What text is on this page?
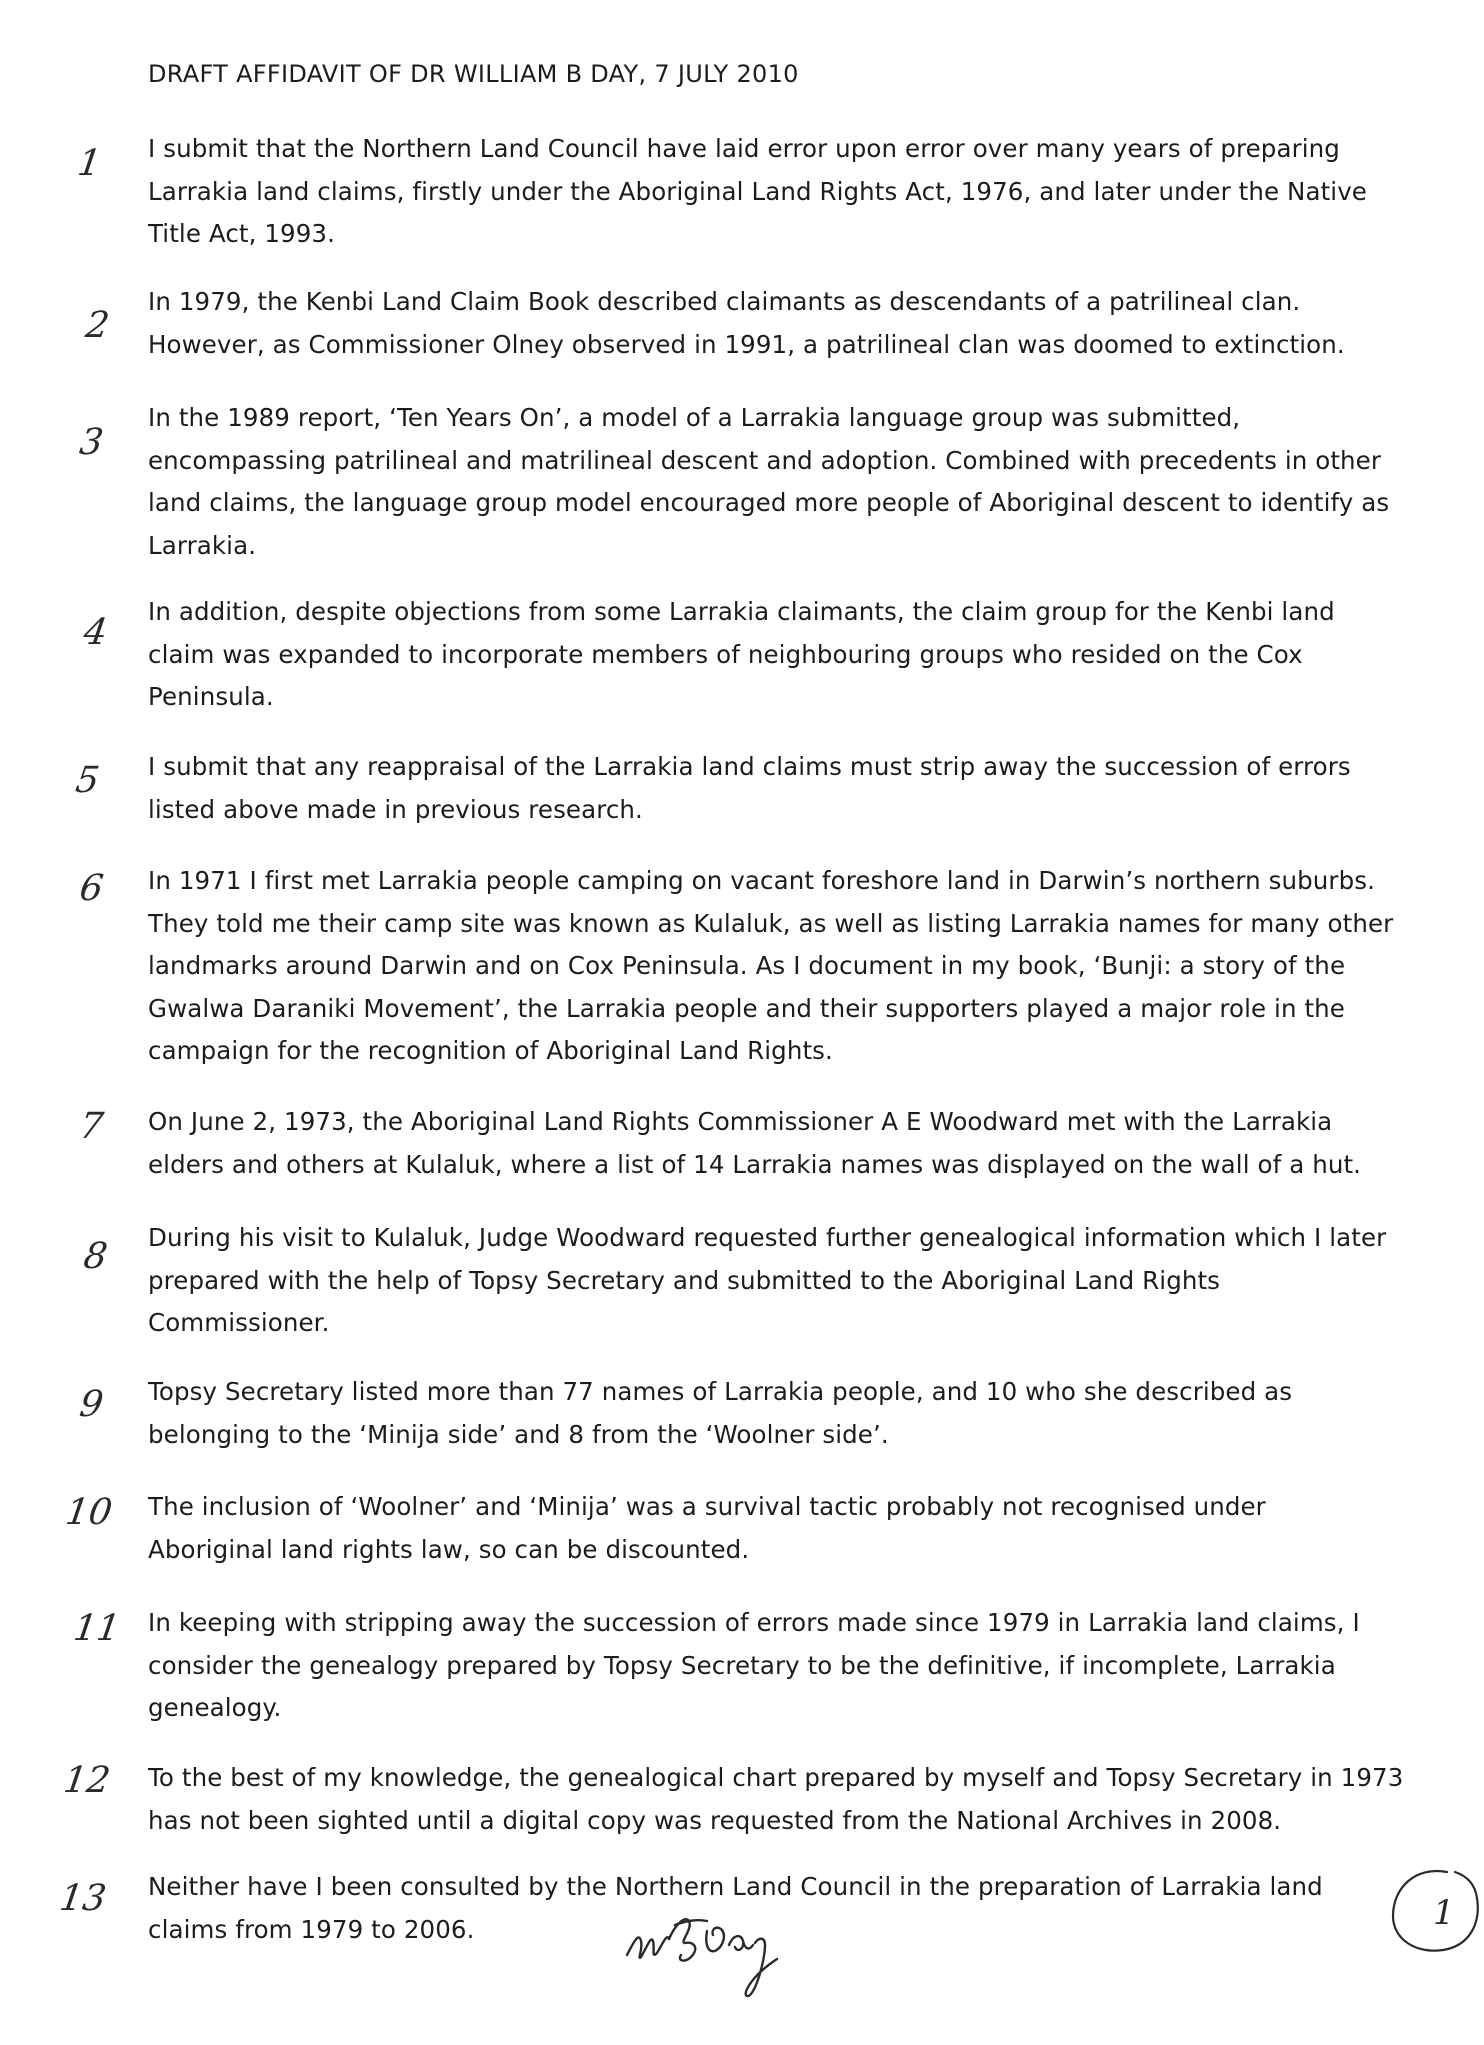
DRAFT AFFIDAVIT OF DR WILLIAM B DAY, 7 JULY 2010
1 I submit that the Northern Land Council have laid error upon error over many years of preparing
Larrakia land claims, firstly under the Aboriginal Land Rights Act, 1976, and later under the Native
Title Act, 1993.
2
In 1979, the Kenbi Land Claim Book described claimants as descendants of a patrilineal clan.
However, as Commissioner Olney observed in 1991, a patrilineal clan was doomed to extinction.
3
In the 1989 report, ‘Ten Years On’, a model of a Larrakia language group was submitted,
encompassing patrilineal and matrilineal descent and adoption. Combined with precedents in other
land claims, the language group model encouraged more people of Aboriginal descent to identify as
Larrakia.
4
In addition, despite objections from some Larrakia claimants, the claim group for the Kenbi land
claim was expanded to incorporate members of neighbouring groups who resided on the Cox
Peninsula.
5 I submit that any reappraisal of the Larrakia land claims must strip away the succession of errors
listed above made in previous research.
6 In 1971 I first met Larrakia people camping on vacant foreshore land in Darwin’s northern suburbs.
They told me their camp site was known as Kulaluk, as well as listing Larrakia names for many other
landmarks around Darwin and on Cox Peninsula. As I document in my book, ‘Bunji: a story of the
Gwalwa Daraniki Movement’, the Larrakia people and their supporters played a major role in the
campaign for the recognition of Aboriginal Land Rights.
7 On June 2, 1973, the Aboriginal Land Rights Commissioner A E Woodward met with the Larrakia
elders and others at Kulaluk, where a list of 14 Larrakia names was displayed on the wall of a hut.
8 During his visit to Kulaluk, Judge Woodward requested further genealogical information which I later
prepared with the help of Topsy Secretary and submitted to the Aboriginal Land Rights
Commissioner.
9 Topsy Secretary listed more than 77 names of Larrakia people, and 10 who she described as
belonging to the ‘Minija side’ and 8 from the ‘Woolner side’.
10 The inclusion of ‘Woolner’ and ‘Minija’ was a survival tactic probably not recognised under
Aboriginal land rights law, so can be discounted.
11 In keeping with stripping away the succession of errors made since 1979 in Larrakia land claims, I
consider the genealogy prepared by Topsy Secretary to be the definitive, if incomplete, Larrakia
genealogy.
12 To the best of my knowledge, the genealogical chart prepared by myself and Topsy Secretary in 1973
has not been sighted until a digital copy was requested from the National Archives in 2008.
13 Neither have I been consulted by the Northern Land Council in the preparation of Larrakia land
claims from 1979 to 2006.	1
